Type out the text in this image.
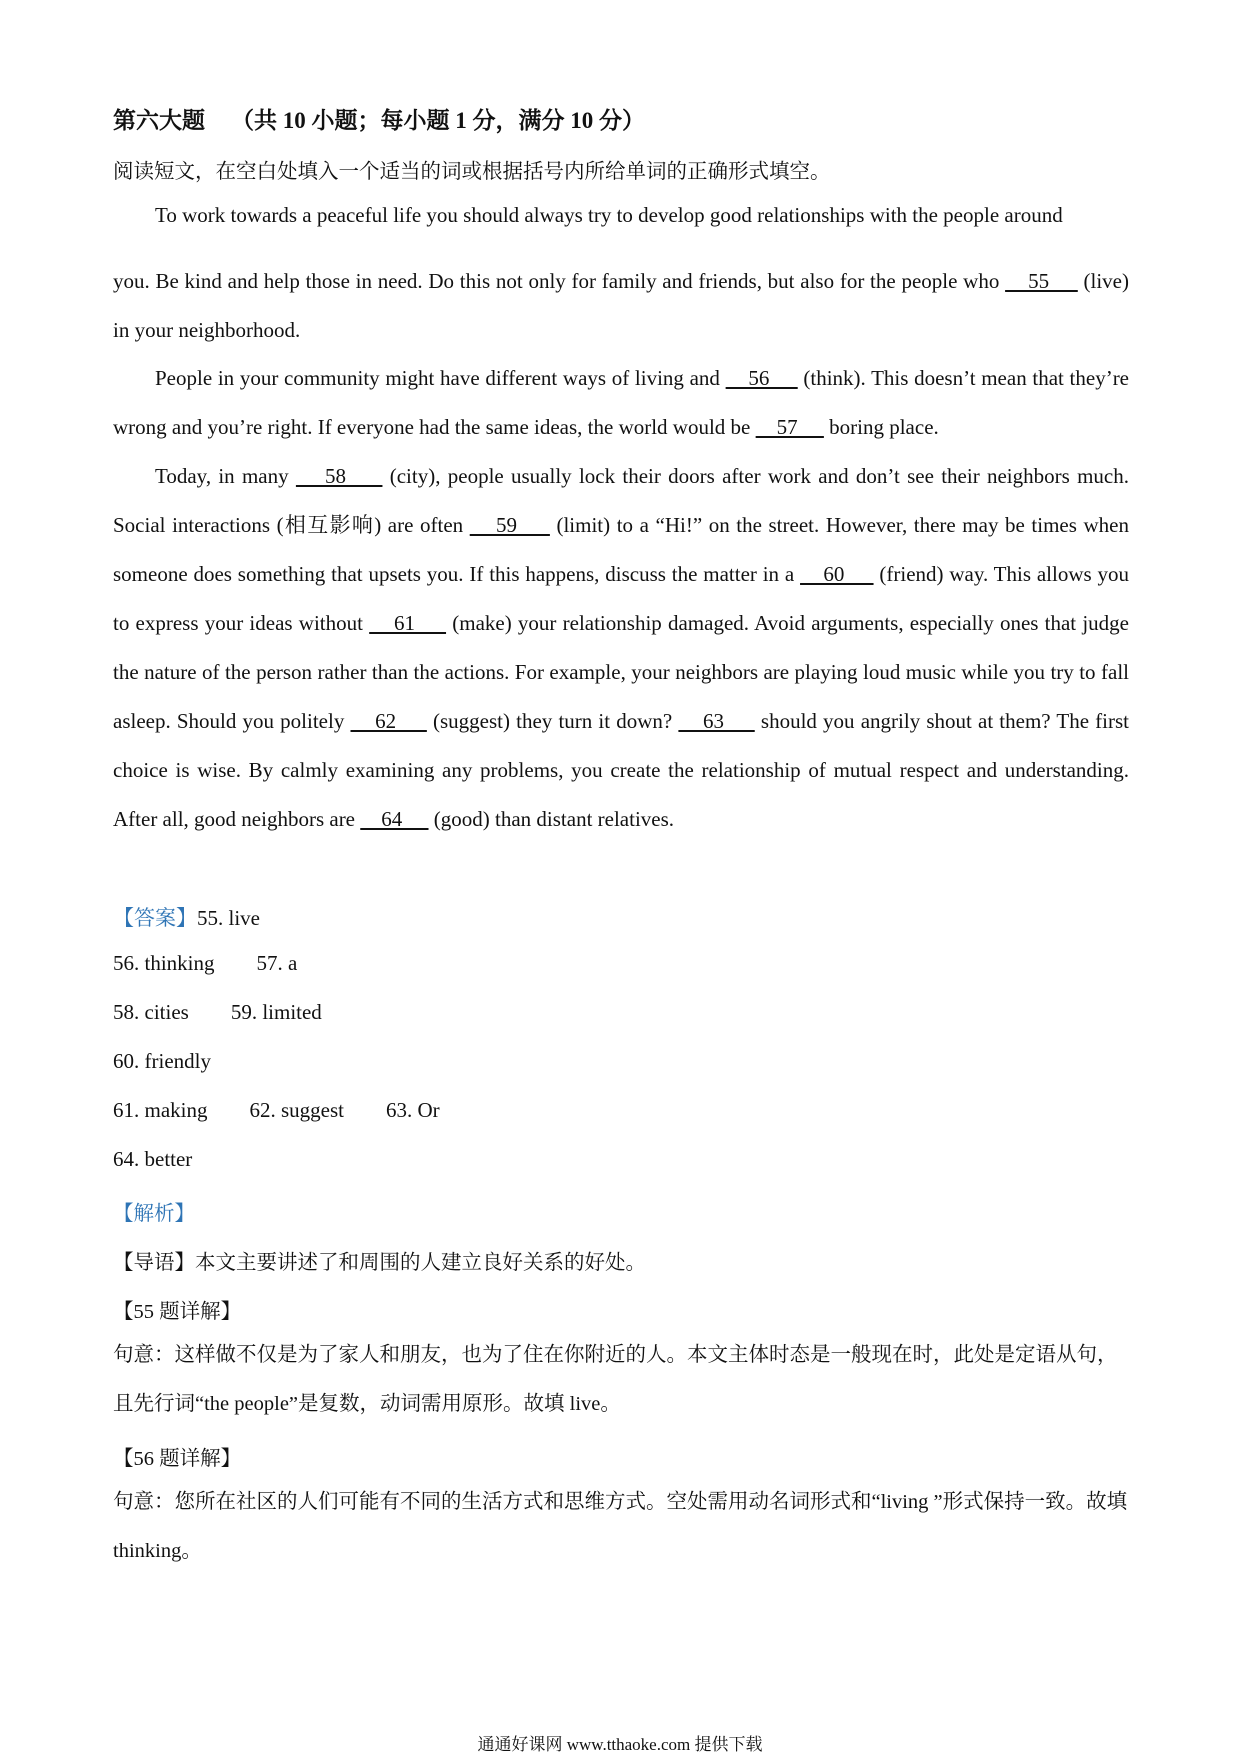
第六大题 （共 10 小题；每小题 1 分，满分 10 分）
阅读短文，在空白处填入一个适当的词或根据括号内所给单词的正确形式填空。

To work towards a peaceful life you should always try to develop good relationships with the people around
you. Be kind and help those in need. Do this not only for family and friends, but also for the people who     55      (live) in your neighborhood.

People in your community might have different ways of living and     56      (think). This doesn’t mean that they’re wrong and you’re right. If everyone had the same ideas, the world would be     57      boring place.

Today, in many     58      (city), people usually lock their doors after work and don’t see their neighbors much. Social interactions (相互影响) are often     59      (limit) to a “Hi!” on the street. However, there may be times when someone does something that upsets you. If this happens, discuss the matter in a     60      (friend) way. This allows you to express your ideas without     61      (make) your relationship damaged. Avoid arguments, especially ones that judge the nature of the person rather than the actions. For example, your neighbors are playing loud music while you try to fall asleep. Should you politely     62      (suggest) they turn it down?     63      should you angrily shout at them? The first choice is wise. By calmly examining any problems, you create the relationship of mutual respect and understanding. After all, good neighbors are     64      (good) than distant relatives.

【答案】55. live
56. thinking        57. a
58. cities        59. limited
60. friendly
61. making        62. suggest        63. Or
64. better
【解析】
【导语】本文主要讲述了和周围的人建立良好关系的好处。
【55 题详解】

句意：这样做不仅是为了家人和朋友，也为了住在你附近的人。本文主体时态是一般现在时，此处是定语从句，且先行词“the people”是复数，动词需用原形。故填 live。

【56 题详解】

句意：您所在社区的人们可能有不同的生活方式和思维方式。空处需用动名词形式和“living ”形式保持一致。故填 thinking。

通通好课网 www.tthaoke.com 提供下载
